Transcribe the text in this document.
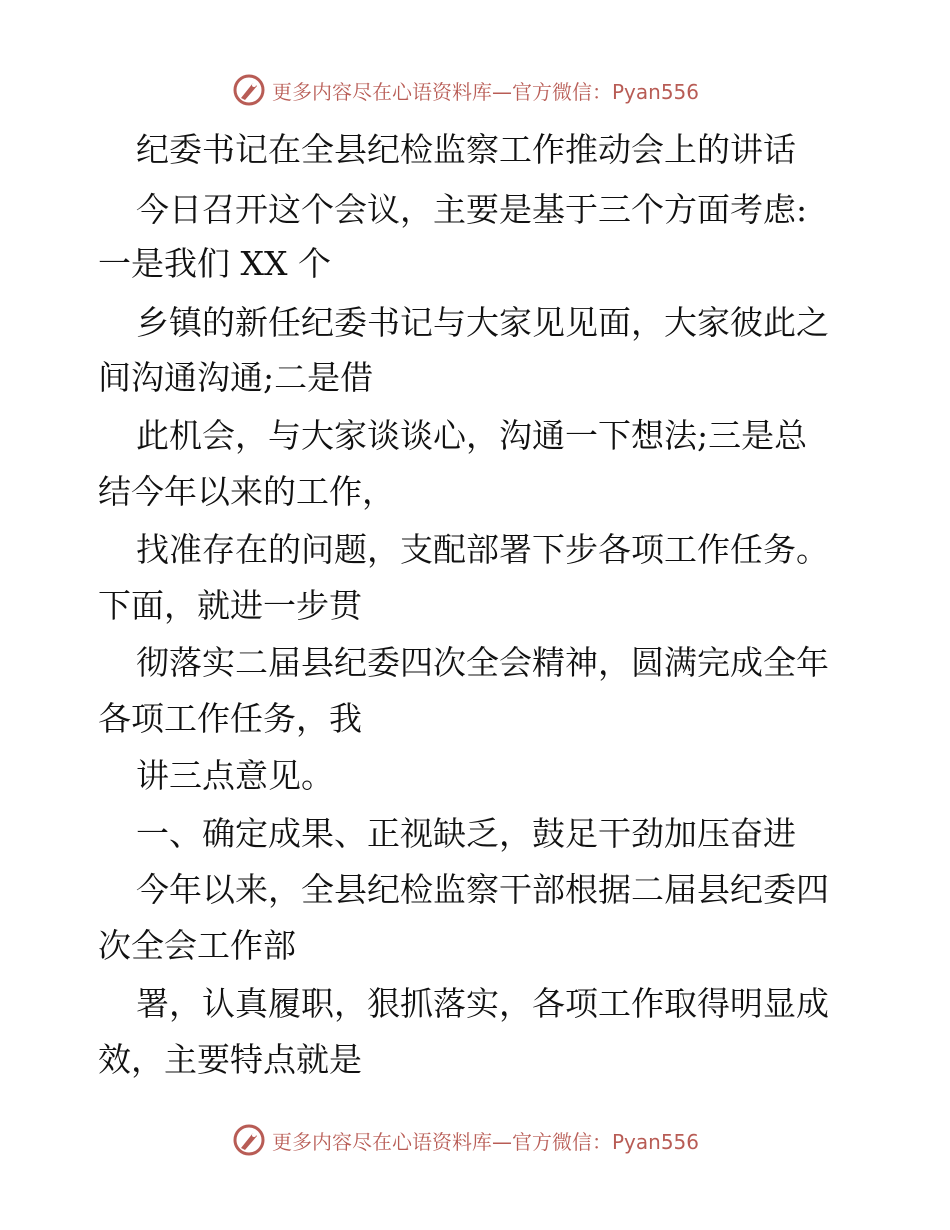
更多内容尽在心语资料库—官方微信：Pyan556
纪委书记在全县纪检监察工作推动会上的讲话
今日召开这个会议，主要是基于三个方面考虑:
一是我们 XX 个
乡镇的新任纪委书记与大家见见面，大家彼此之
间沟通沟通;二是借
此机会，与大家谈谈心，沟通一下想法;三是总
结今年以来的工作，
找准存在的问题，支配部署下步各项工作任务。
下面，就进一步贯
彻落实二届县纪委四次全会精神，圆满完成全年
各项工作任务，我
讲三点意见。
一、确定成果、正视缺乏，鼓足干劲加压奋进
今年以来，全县纪检监察干部根据二届县纪委四
次全会工作部
署，认真履职，狠抓落实，各项工作取得明显成
效，主要特点就是
更多内容尽在心语资料库—官方微信：Pyan556
